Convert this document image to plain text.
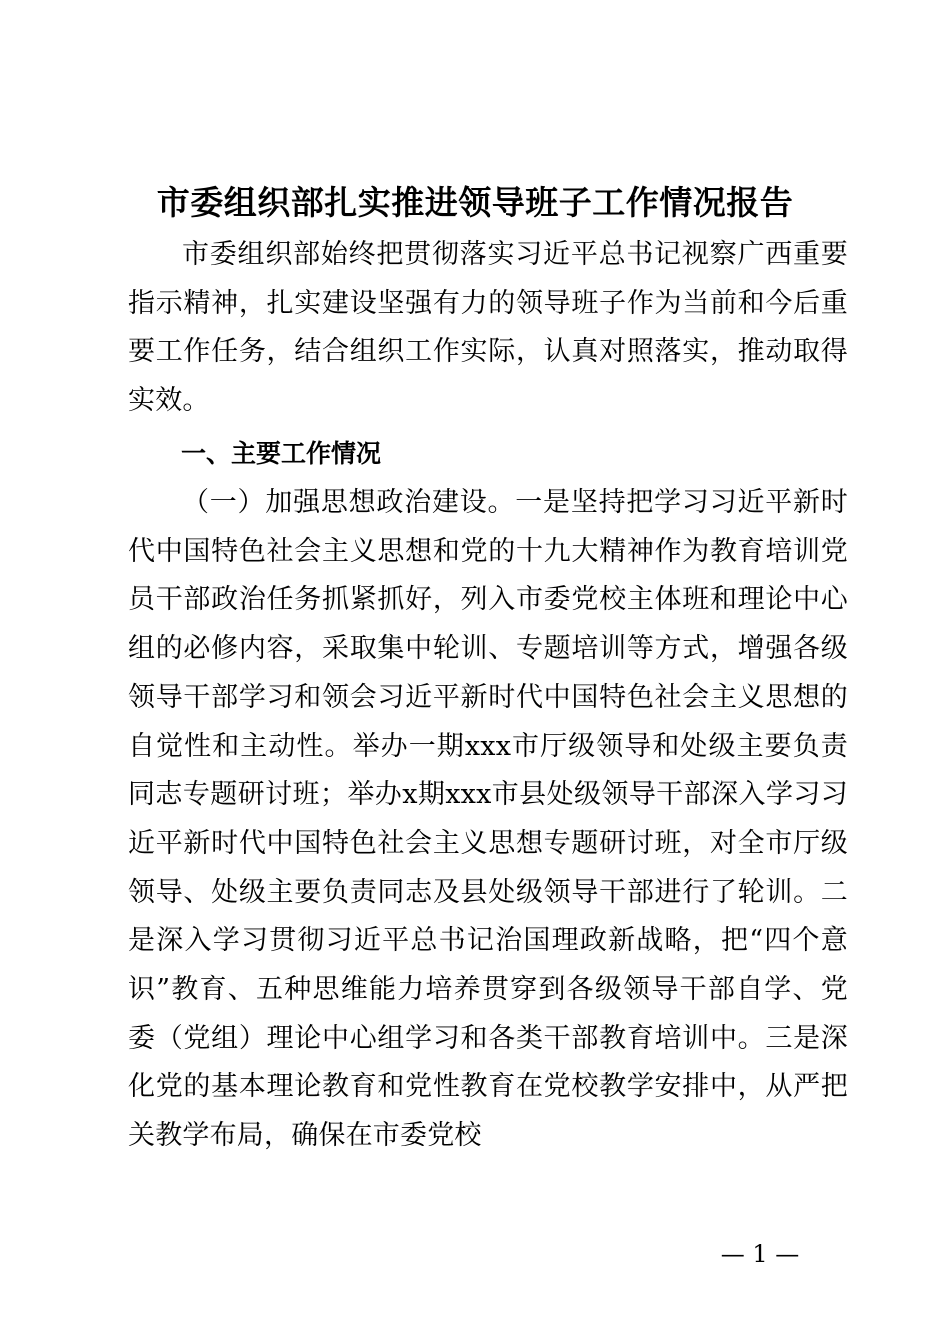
市委组织部扎实推进领导班子工作情况报告

市委组织部始终把贯彻落实习近平总书记视察广西重要指示精神，扎实建设坚强有力的领导班子作为当前和今后重要工作任务，结合组织工作实际，认真对照落实，推动取得实效。

一、主要工作情况

（一）加强思想政治建设。一是坚持把学习习近平新时代中国特色社会主义思想和党的十九大精神作为教育培训党员干部政治任务抓紧抓好，列入市委党校主体班和理论中心组的必修内容，采取集中轮训、专题培训等方式，增强各级领导干部学习和领会习近平新时代中国特色社会主义思想的自觉性和主动性。举办一期xxx市厅级领导和处级主要负责同志专题研讨班；举办x期xxx市县处级领导干部深入学习习近平新时代中国特色社会主义思想专题研讨班，对全市厅级领导、处级主要负责同志及县处级领导干部进行了轮训。二是深入学习贯彻习近平总书记治国理政新战略，把“四个意识”教育、五种思维能力培养贯穿到各级领导干部自学、党委（党组）理论中心组学习和各类干部教育培训中。三是深化党的基本理论教育和党性教育在党校教学安排中，从严把关教学布局，确保在市委党校

— 1 —
